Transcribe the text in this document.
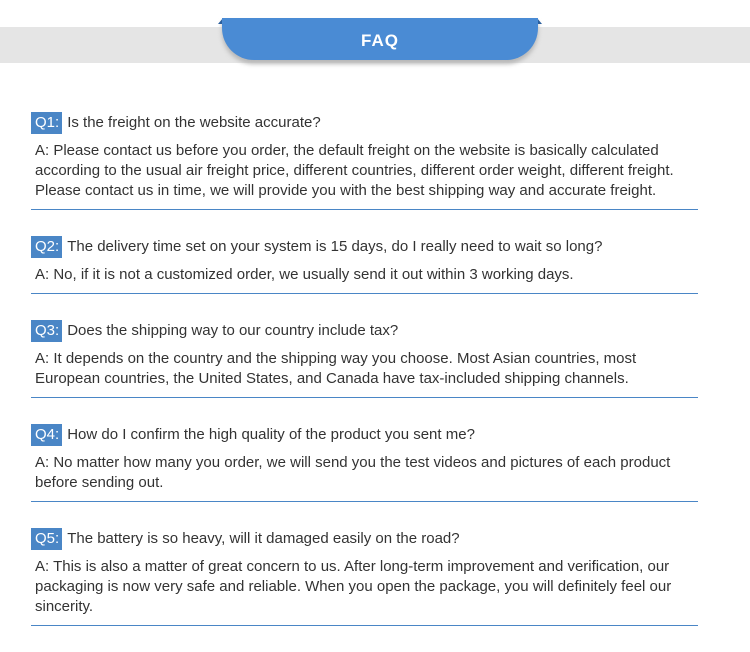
FAQ
Q1: Is the freight on the website accurate?
A: Please contact us before you order, the default freight on the website is basically calculated according to the usual air freight price, different countries, different order weight, different freight. Please contact us in time, we will provide you with the best shipping way and accurate freight.
Q2: The delivery time set on your system is 15 days, do I really need to wait so long?
A: No, if it is not a customized order, we usually send it out within 3 working days.
Q3: Does the shipping way to our country include tax?
A: It depends on the country and the shipping way you choose. Most Asian countries, most European countries, the United States, and Canada have tax-included shipping channels.
Q4: How do I confirm the high quality of the product you sent me?
A: No matter how many you order, we will send you the test videos and pictures of each product before sending out.
Q5: The battery is so heavy, will it damaged easily on the road?
A: This is also a matter of great concern to us. After long-term improvement and verification, our packaging is now very safe and reliable. When you open the package, you will definitely feel our sincerity.
